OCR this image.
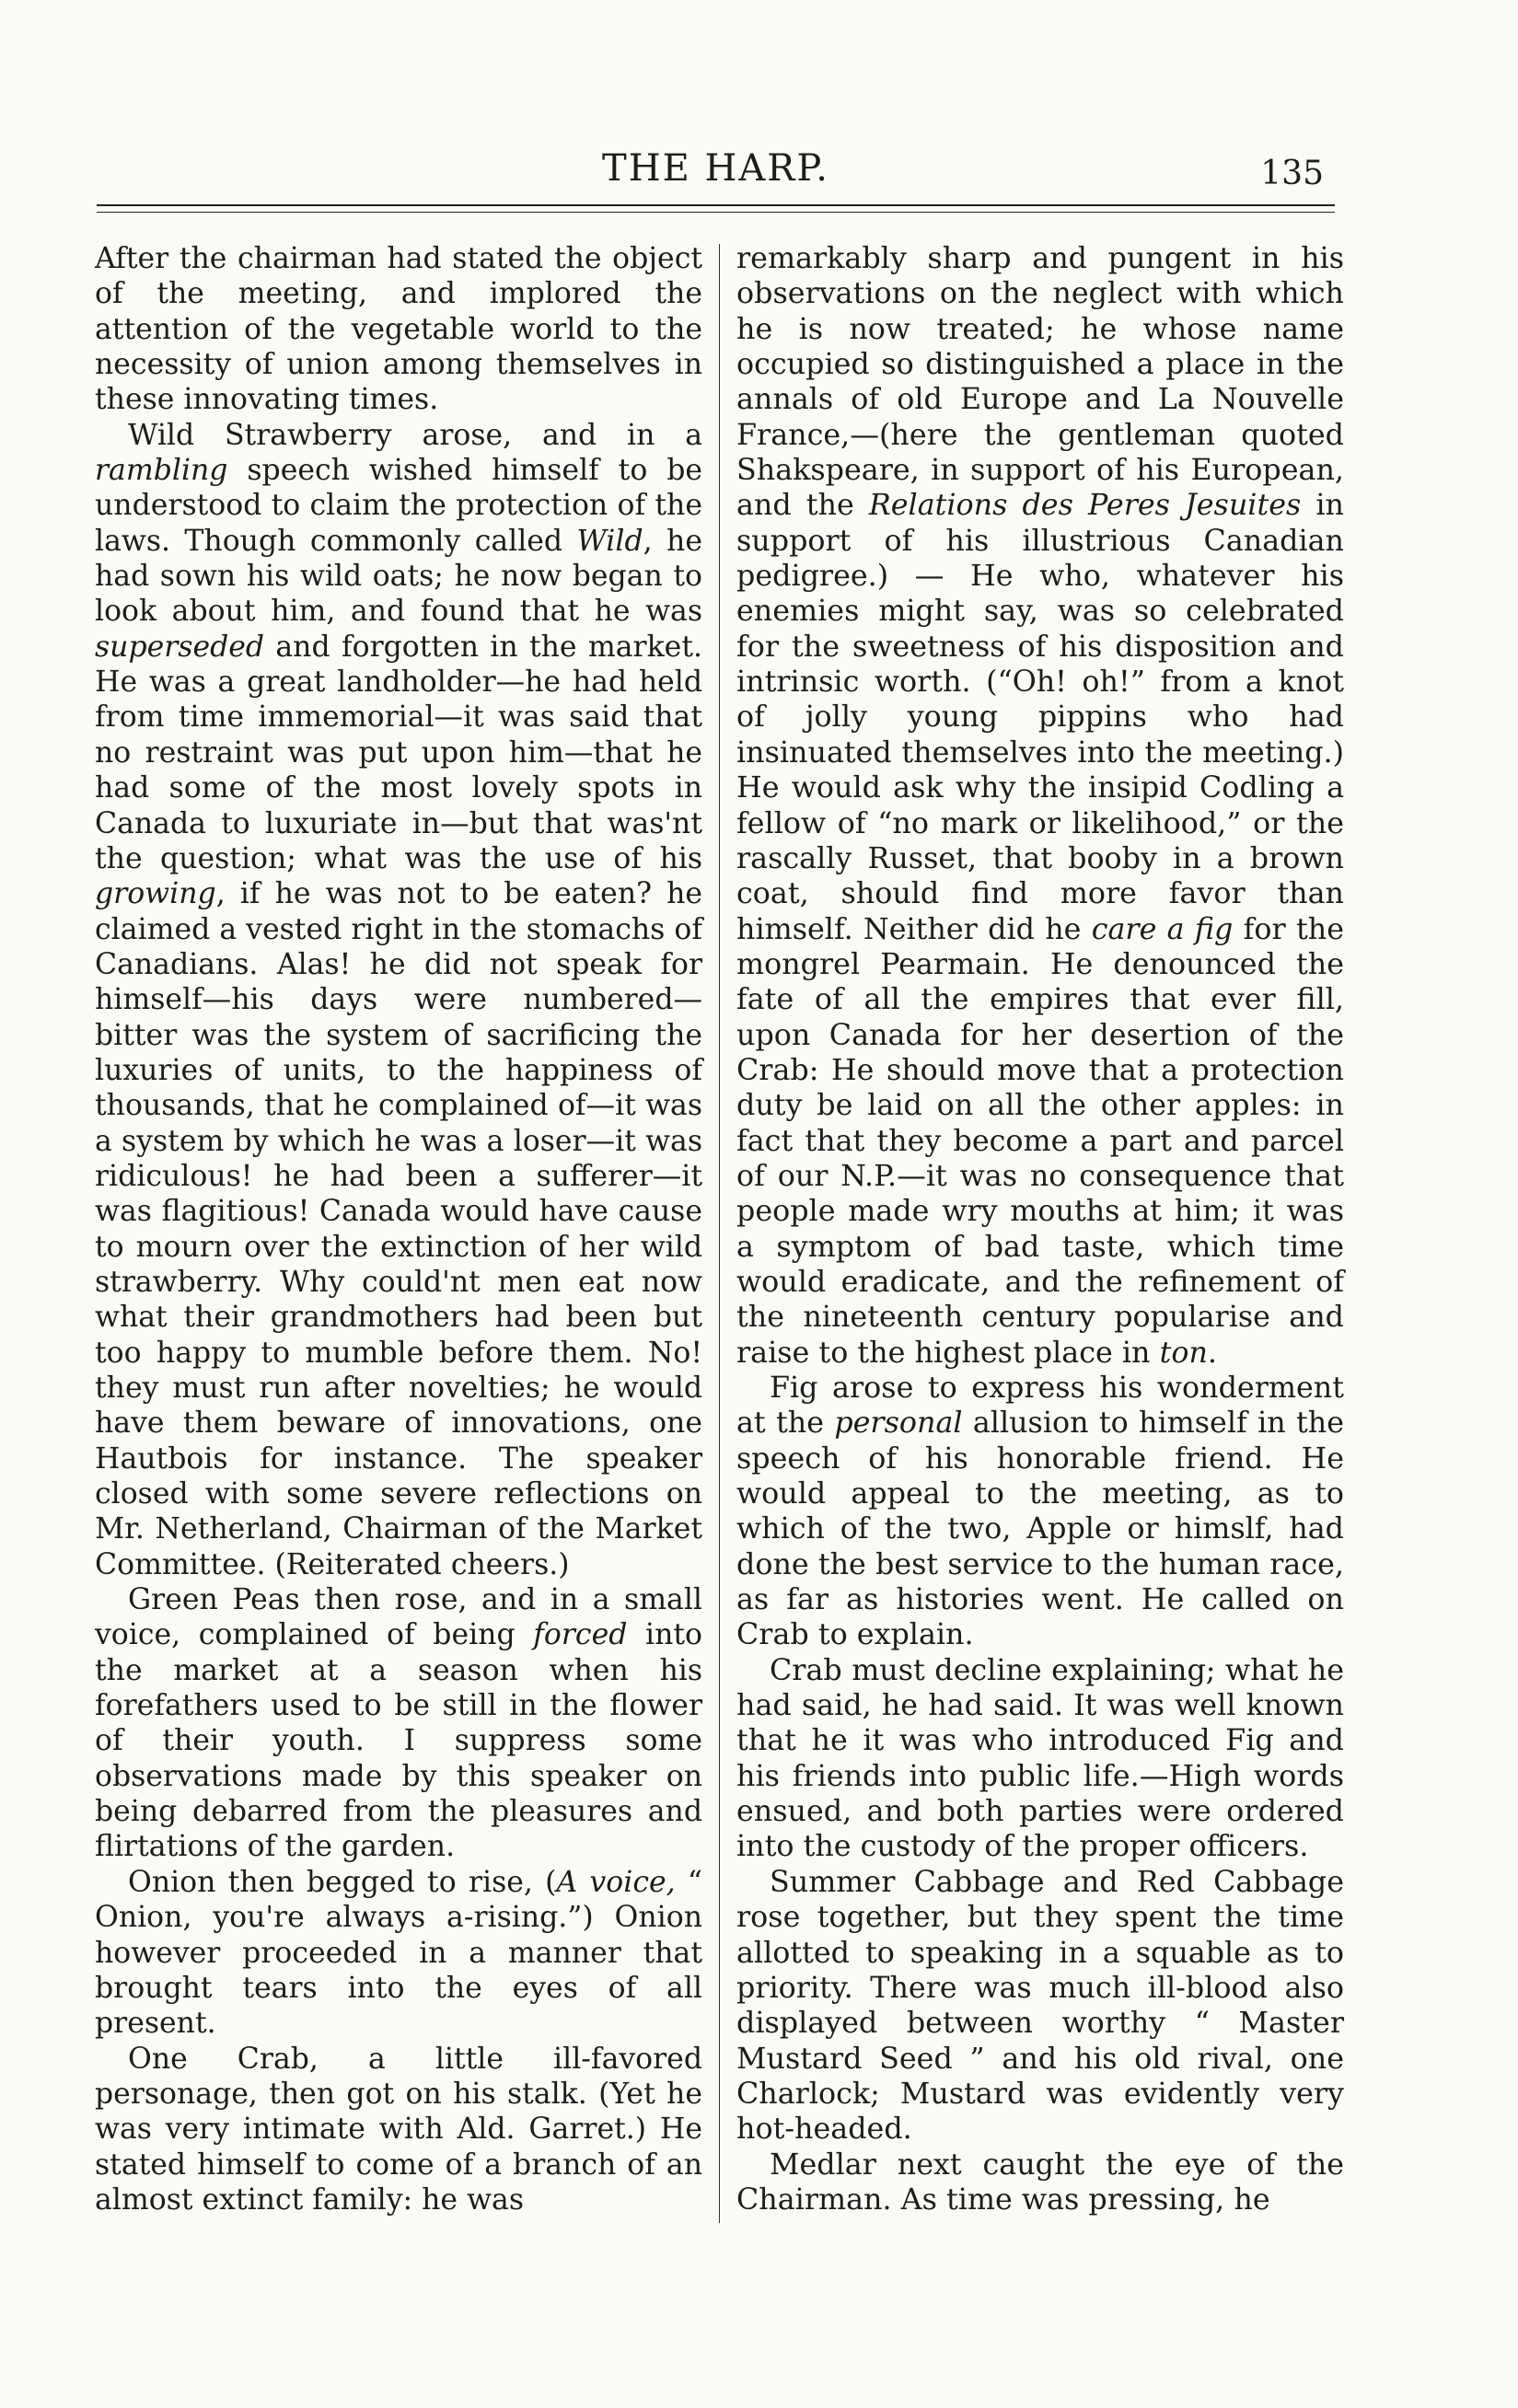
THE HARP.	135

After the chairman had stated the object of the meeting, and implored the attention of the vegetable world to the necessity of union among themselves in these innovating times.

Wild Strawberry arose, and in a rambling speech wished himself to be understood to claim the protection of the laws. Though commonly called Wild, he had sown his wild oats; he now began to look about him, and found that he was superseded and forgotten in the market. He was a great landholder—he had held from time immemorial—it was said that no restraint was put upon him—that he had some of the most lovely spots in Canada to luxuriate in—but that was'nt the question; what was the use of his growing, if he was not to be eaten? he claimed a vested right in the stomachs of Canadians. Alas! he did not speak for himself—his days were numbered—bitter was the system of sacrificing the luxuries of units, to the happiness of thousands, that he complained of—it was a system by which he was a loser—it was ridiculous! he had been a sufferer—it was flagitious! Canada would have cause to mourn over the extinction of her wild strawberry. Why could'nt men eat now what their grandmothers had been but too happy to mumble before them. No! they must run after novelties; he would have them beware of innovations, one Hautbois for instance. The speaker closed with some severe reflections on Mr. Netherland, Chairman of the Market Committee. (Reiterated cheers.)

Green Peas then rose, and in a small voice, complained of being forced into the market at a season when his forefathers used to be still in the flower of their youth. I suppress some observations made by this speaker on being debarred from the pleasures and flirtations of the garden.

Onion then begged to rise, (A voice, “ Onion, you're always a-rising.”) Onion however proceeded in a manner that brought tears into the eyes of all present.

One Crab, a little ill-favored personage, then got on his stalk. (Yet he was very intimate with Ald. Garret.) He stated himself to come of a branch of an almost extinct family: he was

remarkably sharp and pungent in his observations on the neglect with which he is now treated; he whose name occupied so distinguished a place in the annals of old Europe and La Nouvelle France,—(here the gentleman quoted Shakspeare, in support of his European, and the Relations des Peres Jesuites in support of his illustrious Canadian pedigree.) — He who, whatever his enemies might say, was so celebrated for the sweetness of his disposition and intrinsic worth. (“Oh! oh!” from a knot of jolly young pippins who had insinuated themselves into the meeting.) He would ask why the insipid Codling a fellow of “no mark or likelihood,” or the rascally Russet, that booby in a brown coat, should find more favor than himself. Neither did he care a fig for the mongrel Pearmain. He denounced the fate of all the empires that ever fill, upon Canada for her desertion of the Crab: He should move that a protection duty be laid on all the other apples: in fact that they become a part and parcel of our N.P.—it was no consequence that people made wry mouths at him; it was a symptom of bad taste, which time would eradicate, and the refinement of the nineteenth century popularise and raise to the highest place in ton.

Fig arose to express his wonderment at the personal allusion to himself in the speech of his honorable friend. He would appeal to the meeting, as to which of the two, Apple or himslf, had done the best service to the human race, as far as histories went. He called on Crab to explain.

Crab must decline explaining; what he had said, he had said. It was well known that he it was who introduced Fig and his friends into public life.—High words ensued, and both parties were ordered into the custody of the proper officers.

Summer Cabbage and Red Cabbage rose together, but they spent the time allotted to speaking in a squable as to priority. There was much ill-blood also displayed between worthy “ Master Mustard Seed ” and his old rival, one Charlock; Mustard was evidently very hot-headed.

Medlar next caught the eye of the Chairman. As time was pressing, he
